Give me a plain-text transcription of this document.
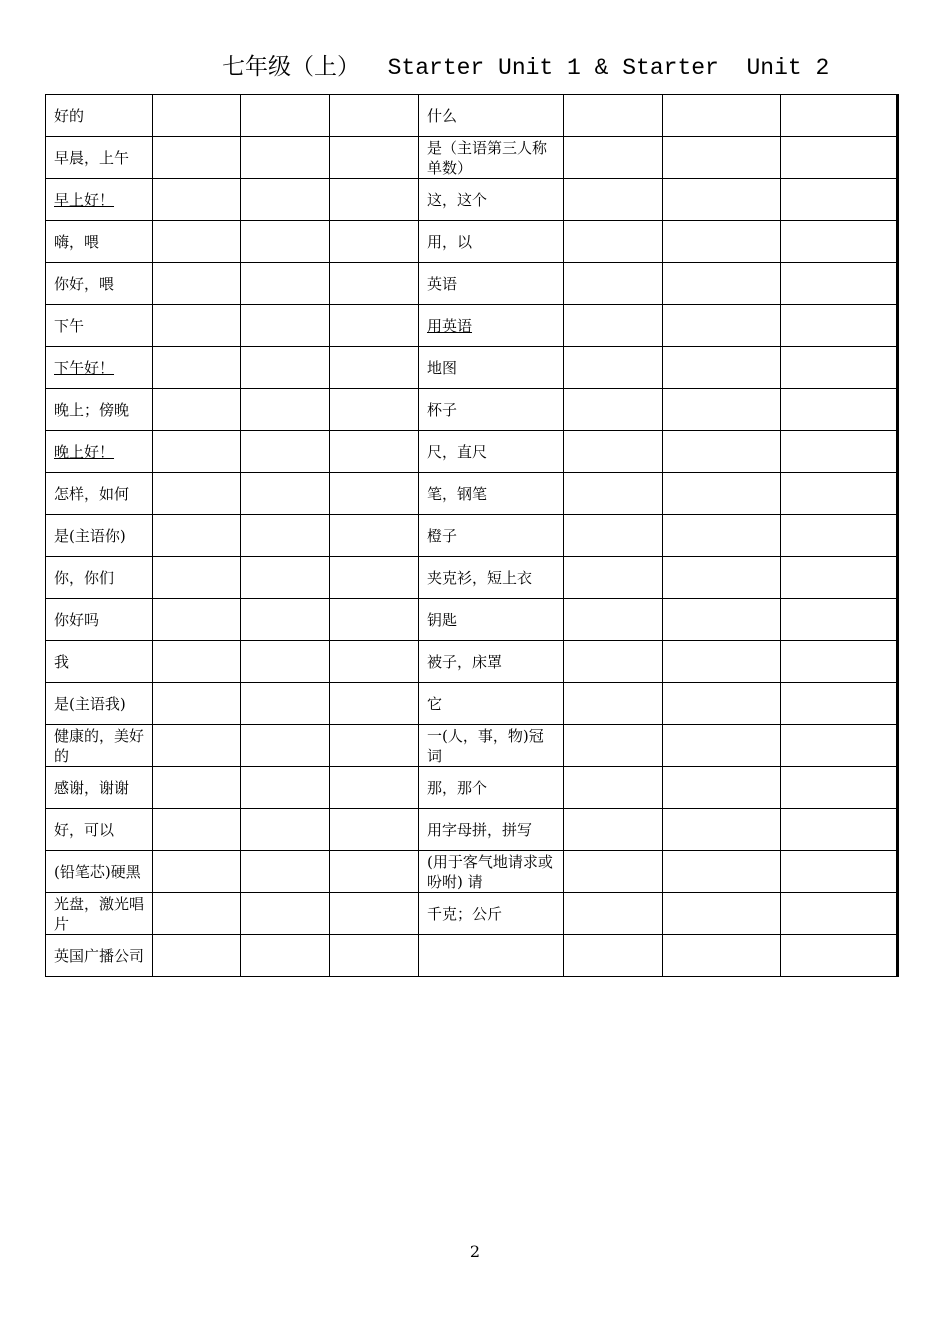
七年级（上）  Starter Unit 1 & Starter  Unit 2
好的				什么			
早晨，上午				是（主语第三人称单数）			
早上好！				这，这个			
嗨，喂				用，以			
你好，喂				英语			
下午				用英语			
下午好！				地图			
晚上；傍晚				杯子			
晚上好！				尺，直尺			
怎样，如何				笔，钢笔			
是(主语你)				橙子			
你，你们				夹克衫，短上衣			
你好吗				钥匙			
我				被子，床罩			
是(主语我)				它			
健康的，美好的				一(人，事，物)冠词			
感谢，谢谢				那，那个			
好，可以				用字母拼，拼写			
(铅笔芯)硬黑				(用于客气地请求或吩咐) 请			
光盘，激光唱片				千克；公斤			
英国广播公司							
2
